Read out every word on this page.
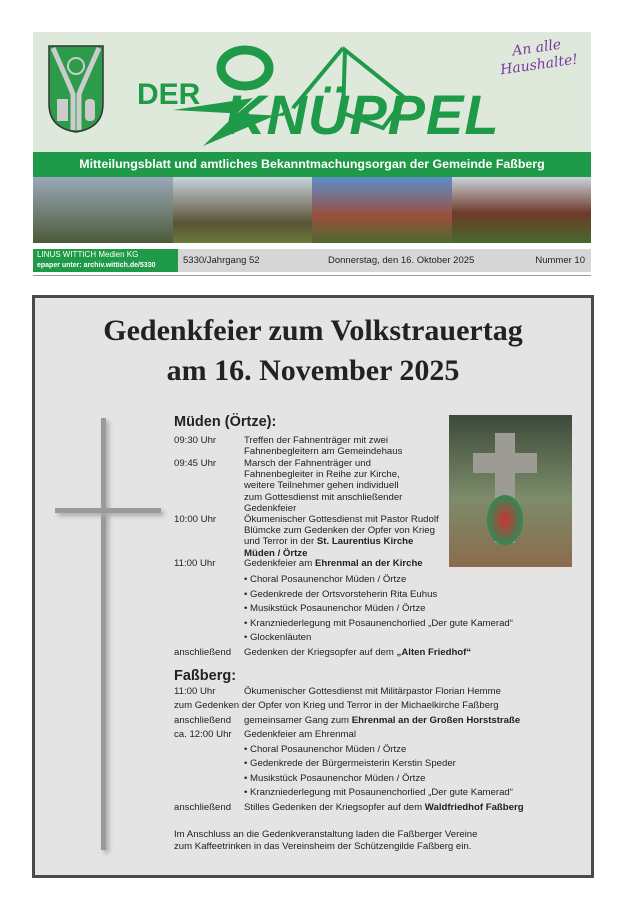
DER KNÜPPEL
An alle Haushalte!
Mitteilungsblatt und amtliches Bekanntmachungsorgan der Gemeinde Faßberg
LINUS WITTICH Medien KG
epaper unter: archiv.wittich.de/5330	5330/Jahrgang 52	Donnerstag, den 16. Oktober 2025	Nummer 10
Gedenkfeier zum Volkstrauertag
am 16. November 2025
Müden (Örtze):
09:30 Uhr	Treffen der Fahnenträger mit zwei Fahnenbegleitern am Gemeindehaus
09:45 Uhr	Marsch der Fahnenträger und Fahnenbegleiter in Reihe zur Kirche, weitere Teilnehmer gehen individuell zum Gottesdienst mit anschließender Gedenkfeier
10:00 Uhr	Ökumenischer Gottesdienst mit Pastor Rudolf Blümcke zum Gedenken der Opfer von Krieg und Terror in der St. Laurentius Kirche Müden / Örtze
11:00 Uhr	Gedenkfeier am Ehrenmal an der Kirche
• Choral Posaunenchor Müden / Örtze
• Gedenkrede der Ortsvorsteherin Rita Euhus
• Musikstück Posaunenchor Müden / Örtze
• Kranzniederlegung mit Posaunenchorlied „Der gute Kamerad“
• Glockenläuten
anschließend Gedenken der Kriegsopfer auf dem „Alten Friedhof“
Faßberg:
11:00 Uhr	Ökumenischer Gottesdienst mit Militärpastor Florian Hemme
zum Gedenken der Opfer von Krieg und Terror in der Michaelkirche Faßberg
anschließend gemeinsamer Gang zum Ehrenmal an der Großen Horststraße
ca. 12:00 Uhr Gedenkfeier am Ehrenmal
• Choral Posaunenchor Müden / Örtze
• Gedenkrede der Bürgermeisterin Kerstin Speder
• Musikstück Posaunenchor Müden / Örtze
• Kranzniederlegung mit Posaunenchorlied „Der gute Kamerad“
anschließend Stilles Gedenken der Kriegsopfer auf dem Waldfriedhof Faßberg
Im Anschluss an die Gedenkveranstaltung laden die Faßberger Vereine
zum Kaffeetrinken in das Vereinsheim der Schützengilde Faßberg ein.
